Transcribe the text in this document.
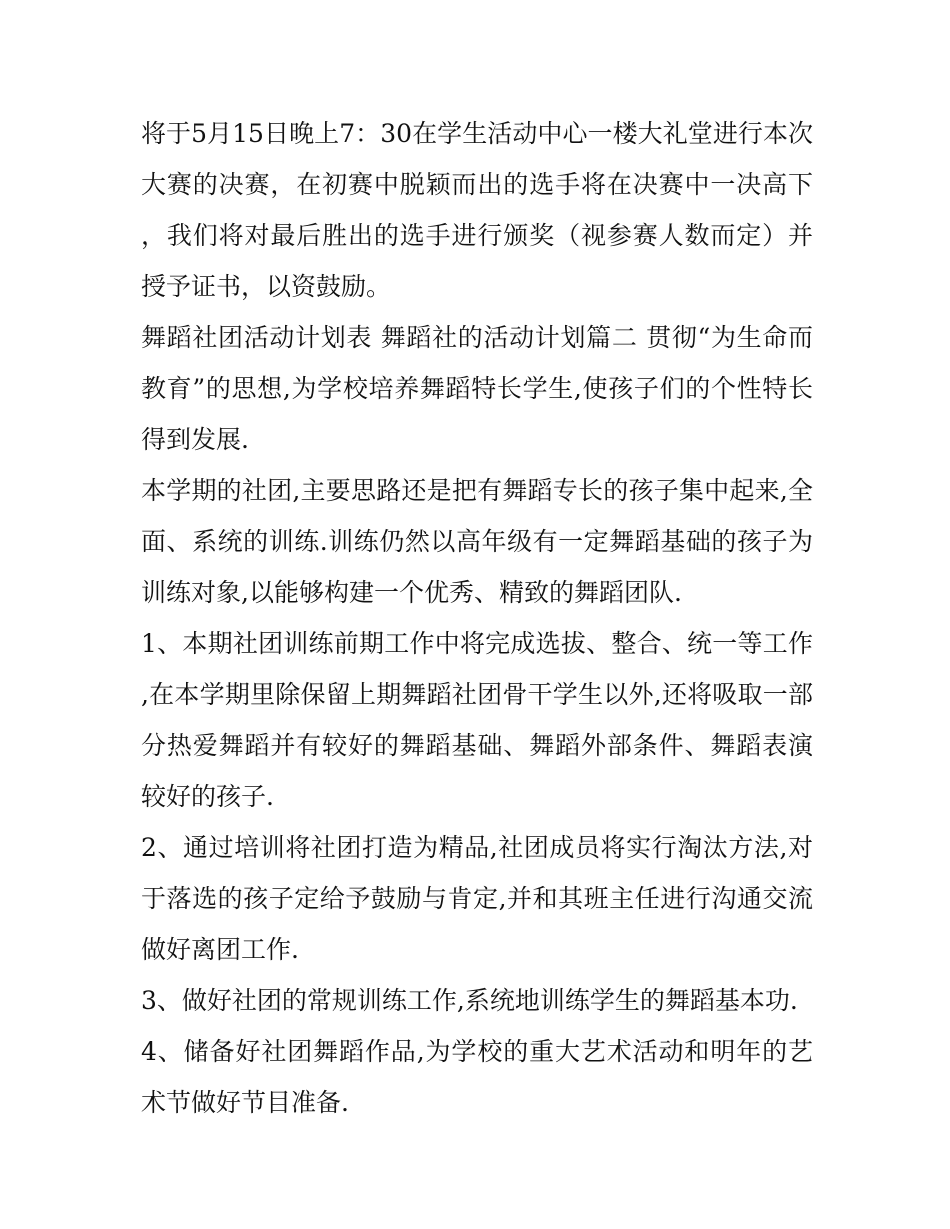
将于5月15日晚上7：30在学生活动中心一楼大礼堂进行本次大赛的决赛，在初赛中脱颖而出的选手将在决赛中一决高下，我们将对最后胜出的选手进行颁奖（视参赛人数而定）并授予证书，以资鼓励。

舞蹈社团活动计划表 舞蹈社的活动计划篇二 贯彻“为生命而教育”的思想,为学校培养舞蹈特长学生,使孩子们的个性特长得到发展.

本学期的社团,主要思路还是把有舞蹈专长的孩子集中起来,全面、系统的训练.训练仍然以高年级有一定舞蹈基础的孩子为训练对象,以能够构建一个优秀、精致的舞蹈团队.

1、本期社团训练前期工作中将完成选拔、整合、统一等工作,在本学期里除保留上期舞蹈社团骨干学生以外,还将吸取一部分热爱舞蹈并有较好的舞蹈基础、舞蹈外部条件、舞蹈表演较好的孩子.

2、通过培训将社团打造为精品,社团成员将实行淘汰方法,对于落选的孩子定给予鼓励与肯定,并和其班主任进行沟通交流做好离团工作.

3、做好社团的常规训练工作,系统地训练学生的舞蹈基本功.

4、储备好社团舞蹈作品,为学校的重大艺术活动和明年的艺术节做好节目准备.
